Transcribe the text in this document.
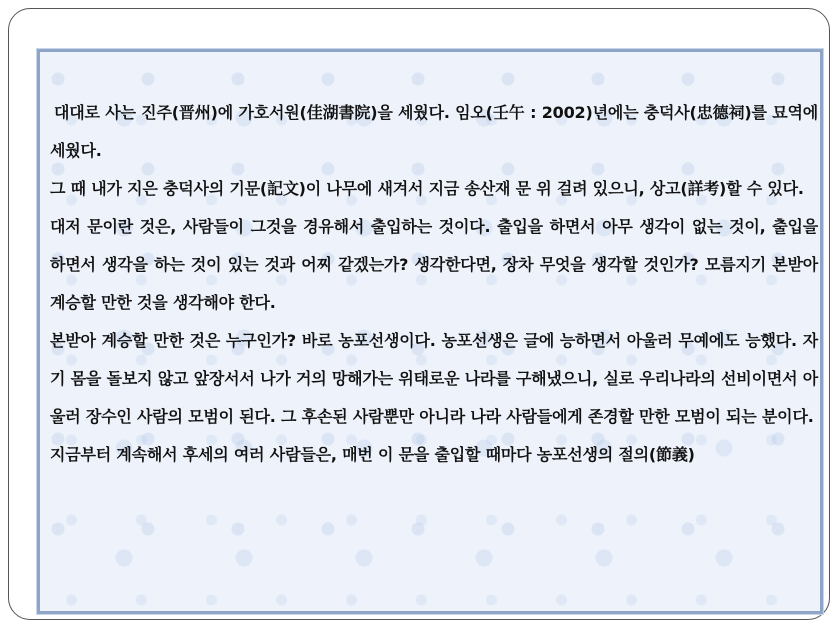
대대로 사는 진주(晋州)에 가호서원(佳湖書院)을 세웠다. 임오(壬午 : 2002)년에는 충덕사(忠德祠)를 묘역에 세웠다.

그 때 내가 지은 충덕사의 기문(記文)이 나무에 새겨서 지금 송산재 문 위 걸려 있으니, 상고(詳考)할 수 있다.

대저 문이란 것은, 사람들이 그것을 경유해서 출입하는 것이다. 출입을 하면서 아무 생각이 없는 것이, 출입을 하면서 생각을 하는 것이 있는 것과 어찌 같겠는가? 생각한다면, 장차 무엇을 생각할 것인가? 모름지기 본받아 계승할 만한 것을 생각해야 한다.

본받아 계승할 만한 것은 누구인가? 바로 농포선생이다. 농포선생은 글에 능하면서 아울러 무예에도 능했다. 자기 몸을 돌보지 않고 앞장서서 나가 거의 망해가는 위태로운 나라를 구해냈으니, 실로 우리나라의 선비이면서 아울러 장수인 사람의 모범이 된다. 그 후손된 사람뿐만 아니라 나라 사람들에게 존경할 만한 모범이 되는 분이다.

지금부터 계속해서 후세의 여러 사람들은, 매번 이 문을 출입할 때마다 농포선생의 절의(節義)
